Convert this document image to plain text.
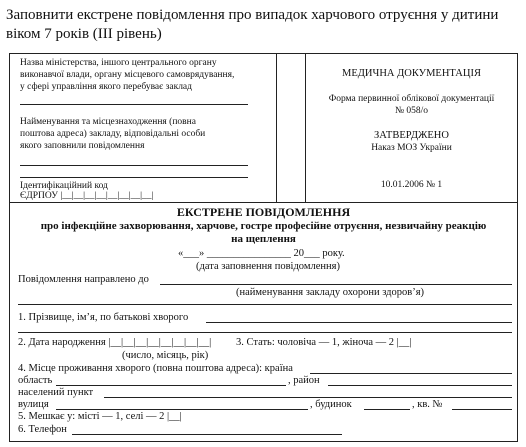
Заповнити екстрене повідомлення про випадок харчового отруєння у дитини віком 7 років (ІІІ рівень)
Назва міністерства, іншого центрального органу
виконавчої влади, органу місцевого самоврядування,
у сфері управління якого перебуває заклад
Найменування та місцезнаходження (повна
поштова адреса) закладу, відповідальні особи
якого заповнили повідомлення
Ідентифікаційний код
ЄДРПОУ |__|__|__|__|__|__|__|__|
МЕДИЧНА ДОКУМЕНТАЦІЯ
Форма первинної облікової документації
№ 058/о
ЗАТВЕРДЖЕНО
Наказ МОЗ України
10.01.2006 № 1
ЕКСТРЕНЕ ПОВІДОМЛЕННЯ
про інфекційне захворювання, харчове, гостре професійне отруєння, незвичайну реакцію
на щеплення
«___» ________________ 20___ року.
(дата заповнення повідомлення)
Повідомлення направлено до
(найменування закладу охорони здоров’я)
1. Прізвище, ім’я, по батькові хворого
2. Дата народження |__|__|__|__|__|__|__|__| 3. Стать: чоловіча — 1, жіноча — 2 |__|
(число, місяць, рік)
4. Місце проживання хворого (повна поштова адреса): країна
область	, район
населений пункт
вулиця	, будинок	, кв. №
5. Мешкає у: місті — 1, селі — 2 |__|
6. Телефон
